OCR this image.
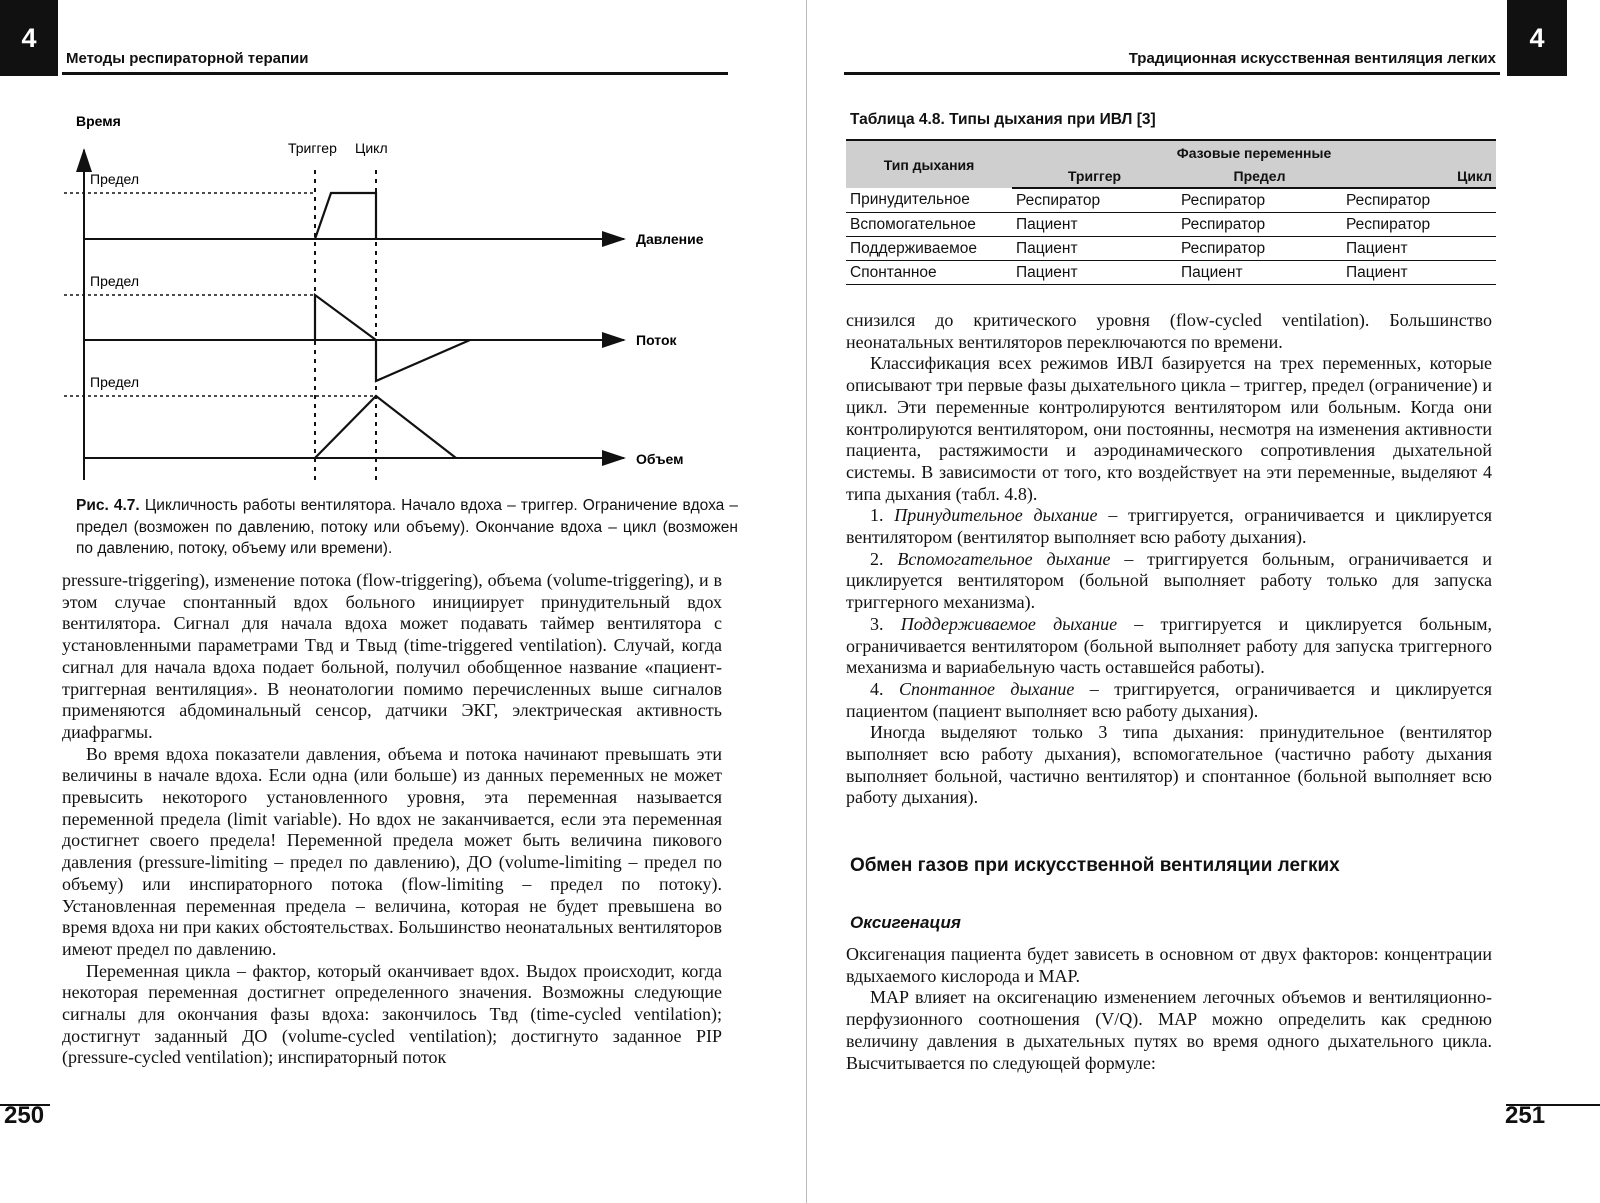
4
Методы респираторной терапии
Время
Триггер Цикл
Предел
Давление
Предел
Поток
Предел
Объем
Рис. 4.7. Цикличность работы вентилятора. Начало вдоха – триггер. Ограничение вдоха – предел (возможен по давлению, потоку или объему). Окончание вдоха – цикл (возможен по давлению, потоку, объему или времени).

pressure-triggering), изменение потока (flow-triggering), объема (volume-triggering), и в этом случае спонтанный вдох больного инициирует принудительный вдох вентилятора. Сигнал для начала вдоха может подавать таймер вентилятора с установленными параметрами Tвд и Tвыд (time-triggered ventilation). Случай, когда сигнал для начала вдоха подает больной, получил обобщенное название «пациент-триггерная вентиляция». В неонатологии помимо перечисленных выше сигналов применяются абдоминальный сенсор, датчики ЭКГ, электрическая активность диафрагмы.

Во время вдоха показатели давления, объема и потока начинают превышать эти величины в начале вдоха. Если одна (или больше) из данных переменных не может превысить некоторого установленного уровня, эта переменная называется переменной предела (limit variable). Но вдох не заканчивается, если эта переменная достигнет своего предела! Переменной предела может быть величина пикового давления (pressure-limiting – предел по давлению), ДО (volume-limiting – предел по объему) или инспираторного потока (flow-limiting – предел по потоку). Установленная переменная предела – величина, которая не будет превышена во время вдоха ни при каких обстоятельствах. Большинство неонатальных вентиляторов имеют предел по давлению.

Переменная цикла – фактор, который оканчивает вдох. Выдох происходит, когда некоторая переменная достигнет определенного значения. Возможны следующие сигналы для окончания фазы вдоха: закончилось Tвд (time-cycled ventilation); достигнут заданный ДО (volume-cycled ventilation); достигнуто заданное PIP (pressure-cycled ventilation); инспираторный поток

250
Традиционная искусственная вентиляция легких
4
Таблица 4.8. Типы дыхания при ИВЛ [3]
Тип дыхания	Фазовые переменные		
	Триггер	Предел	Цикл
Принудительное	Респиратор	Респиратор	Респиратор
Вспомогательное	Пациент	Респиратор	Респиратор
Поддерживаемое	Пациент	Респиратор	Пациент
Спонтанное	Пациент	Пациент	Пациент

снизился до критического уровня (flow-cycled ventilation). Большинство неонатальных вентиляторов переключаются по времени.

Классификация всех режимов ИВЛ базируется на трех переменных, которые описывают три первые фазы дыхательного цикла – триггер, предел (ограничение) и цикл. Эти переменные контролируются вентилятором или больным. Когда они контролируются вентилятором, они постоянны, несмотря на изменения активности пациента, растяжимости и аэродинамического сопротивления дыхательной системы. В зависимости от того, кто воздействует на эти переменные, выделяют 4 типа дыхания (табл. 4.8).

1. Принудительное дыхание – триггируется, ограничивается и циклируется вентилятором (вентилятор выполняет всю работу дыхания).

2. Вспомогательное дыхание – триггируется больным, ограничивается и циклируется вентилятором (больной выполняет работу только для запуска триггерного механизма).

3. Поддерживаемое дыхание – триггируется и циклируется больным, ограничивается вентилятором (больной выполняет работу для запуска триггерного механизма и вариабельную часть оставшейся работы).

4. Спонтанное дыхание – триггируется, ограничивается и циклируется пациентом (пациент выполняет всю работу дыхания).

Иногда выделяют только 3 типа дыхания: принудительное (вентилятор выполняет всю работу дыхания), вспомогательное (частично работу дыхания выполняет больной, частично вентилятор) и спонтанное (больной выполняет всю работу дыхания).

Обмен газов при искусственной вентиляции легких
Оксигенация

Оксигенация пациента будет зависеть в основном от двух факторов: концентрации вдыхаемого кислорода и MAP.

MAP влияет на оксигенацию изменением легочных объемов и вентиляционно-перфузионного соотношения (V/Q). MAP можно определить как среднюю величину давления в дыхательных путях во время одного дыхательного цикла. Высчитывается по следующей формуле:

251
